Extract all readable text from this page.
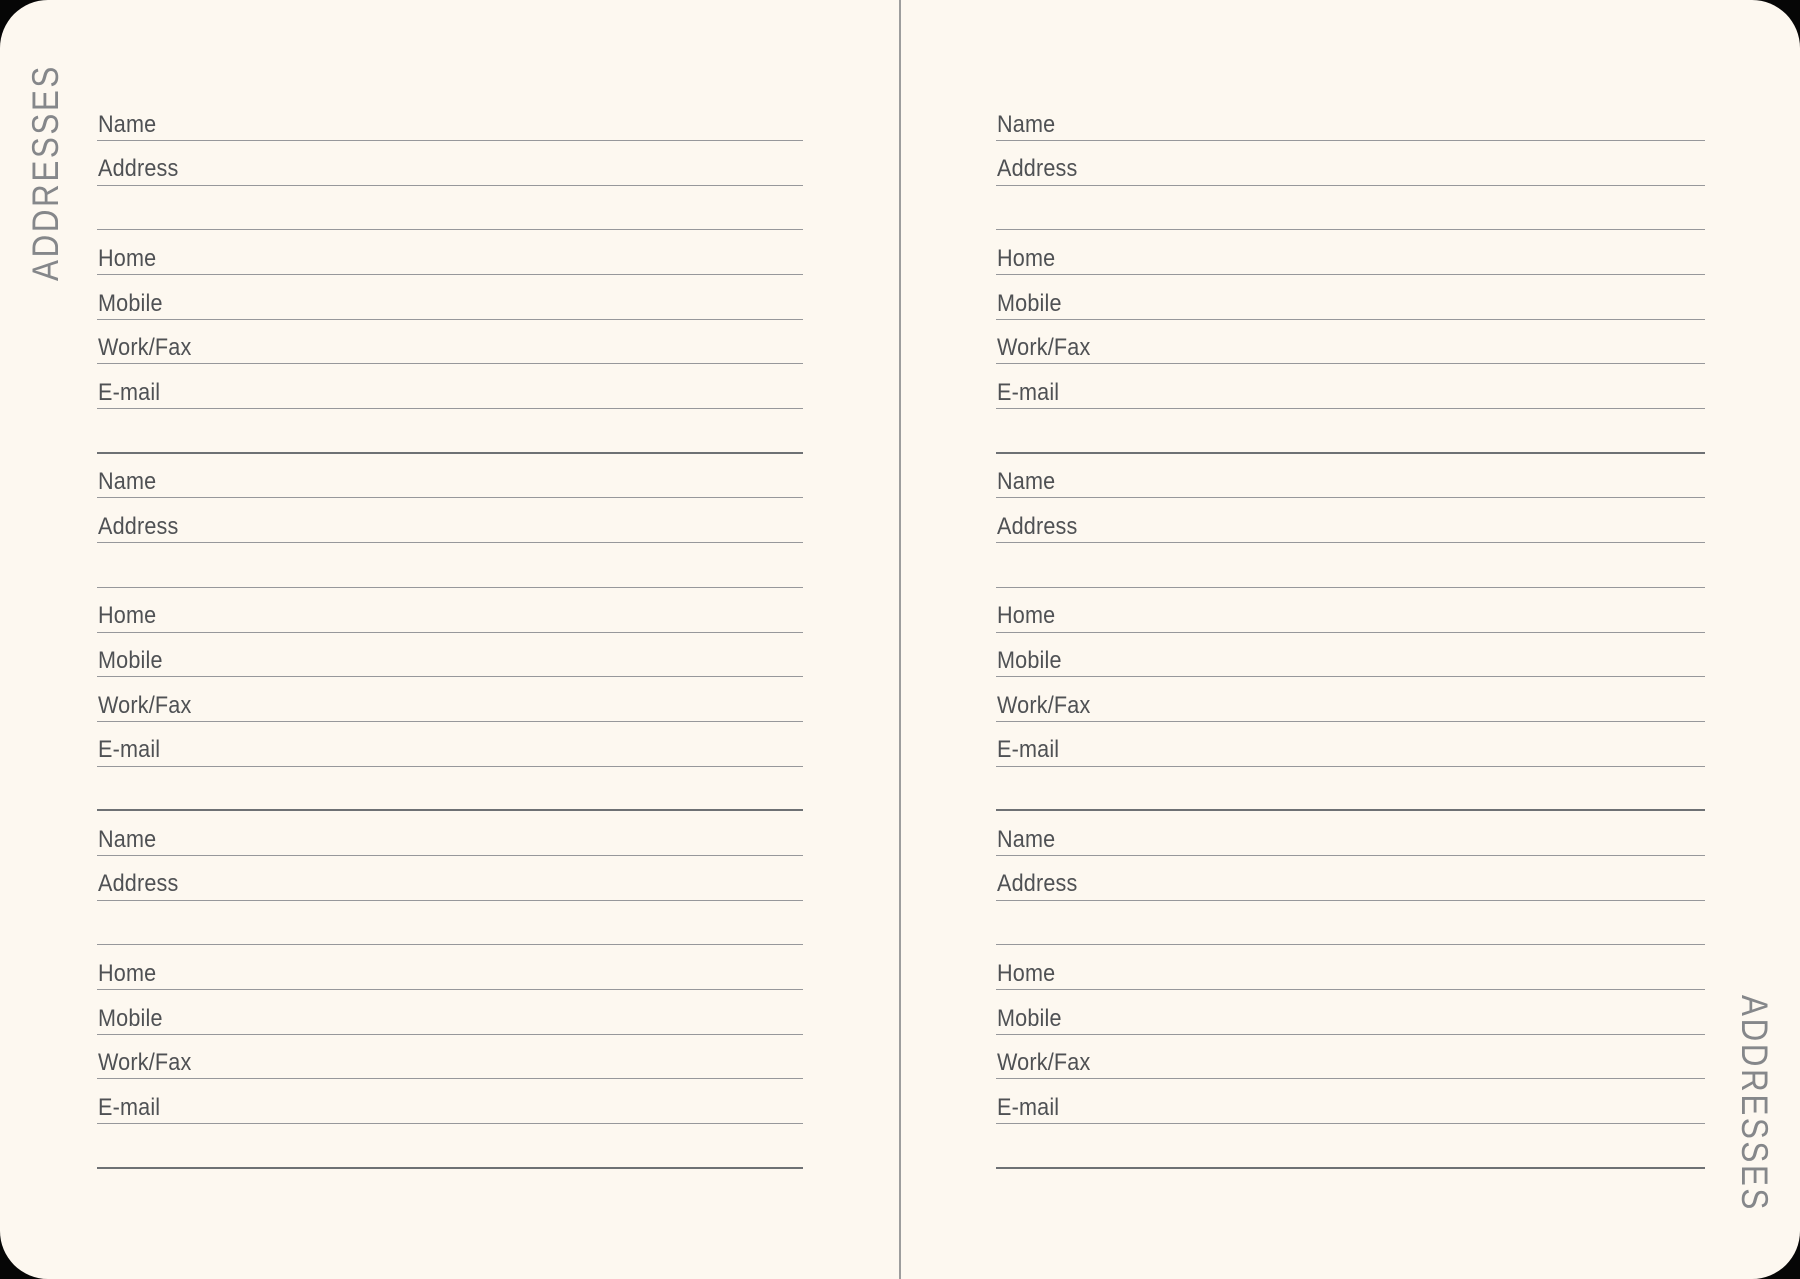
ADDRESSES Name
Address
Home
Mobile
Work/Fax
E-mail
Name
Address
Home
Mobile
Work/Fax
E-mail
Name
Address
Home
Mobile
Work/Fax
E-mail
Name
Address
Home
Mobile
Work/Fax
E-mail
Name
Address
Home
Mobile
Work/Fax
E-mail
Name
Address
Home
Mobile
Work/Fax
E-mail	ADDRESSES
